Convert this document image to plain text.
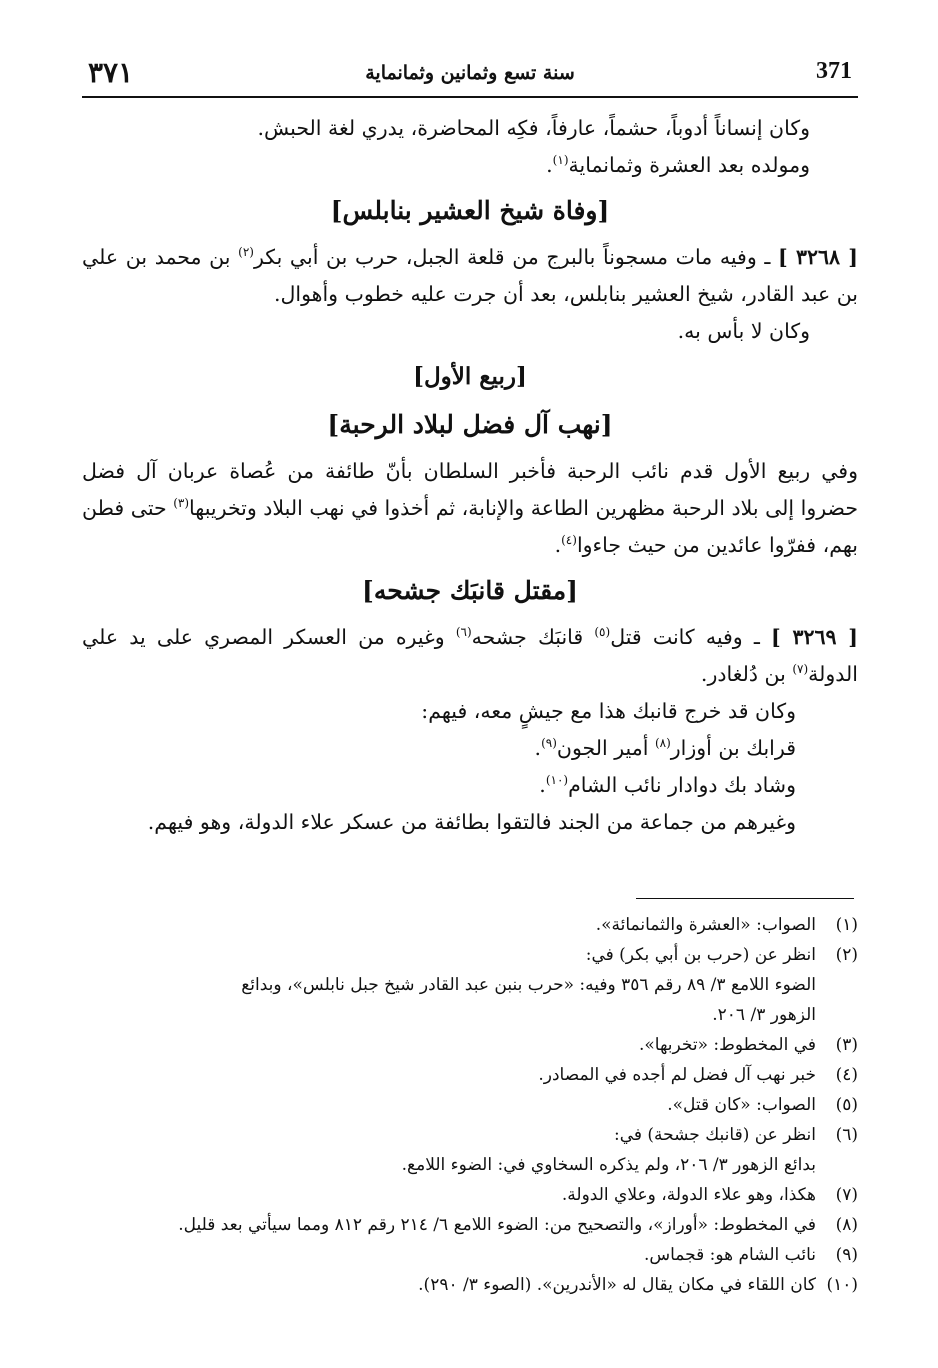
٣٧١	سنة تسع وثمانين وثمانماية	371

وكان إنساناً أدوباً، حشماً، عارفاً، فكِه المحاضرة، يدري لغة الحبش.

ومولده بعد العشرة وثمانماية$^{(١)}$.

[وفاة شيخ العشير بنابلس]

[ ٣٢٦٨ ] ـ وفيه مات مسجوناً بالبرج من قلعة الجبل، حرب بن أبي بكر$^{(٢)}$ بن محمد بن علي بن عبد القادر، شيخ العشير بنابلس، بعد أن جرت عليه خطوب وأهوال.

وكان لا بأس به.

[ربيع الأول]
[نهب آل فضل لبلاد الرحبة]

وفي ربيع الأول قدم نائب الرحبة فأخبر السلطان بأنّ طائفة من عُصاة عربان آل فضل حضروا إلى بلاد الرحبة مظهرين الطاعة والإنابة، ثم أخذوا في نهب البلاد وتخريبها$^{(٣)}$ حتى فطن بهم، ففرّوا عائدين من حيث جاءوا$^{(٤)}$.

[مقتل قانبَك جشحه]

[ ٣٢٦٩ ] ـ وفيه كانت قتل$^{(٥)}$ قانبَك جشحه$^{(٦)}$ وغيره من العسكر المصري على يد علي الدولة$^{(٧)}$ بن دُلغادر.

وكان قد خرج قانبك هذا مع جيشٍ معه، فيهم:

قرابك بن أوزار$^{(٨)}$ أمير الجون$^{(٩)}$.

وشاد بك دوادار نائب الشام$^{(١٠)}$.

وغيرهم من جماعة من الجند فالتقوا بطائفة من عسكر علاء الدولة، وهو فيهم.

(١)
الصواب: «العشرة والثمانمائة».
(٢)
انظر عن (حرب بن أبي بكر) في:
الضوء اللامع ٣/ ٨٩ رقم ٣٥٦ وفيه: «حرب بنبن عبد القادر شيخ جبل نابلس»، وبدائع
الزهور ٣/ ٢٠٦.
(٣)
في المخطوط: «تخربها».
(٤)
خبر نهب آل فضل لم أجده في المصادر.
(٥)
الصواب: «كان قتل».
(٦)
انظر عن (قانبك جشحة) في:
بدائع الزهور ٣/ ٢٠٦، ولم يذكره السخاوي في: الضوء اللامع.
(٧)
هكذا، وهو علاء الدولة، وعلاي الدولة.
(٨)
في المخطوط: «أوراز»، والتصحيح من: الضوء اللامع ٦/ ٢١٤ رقم ٨١٢ ومما سيأتي بعد قليل.
(٩)
نائب الشام هو: قجماس.
(١٠)
كان اللقاء في مكان يقال له «الأندرين». (الصوء ٣/ ٢٩٠).
